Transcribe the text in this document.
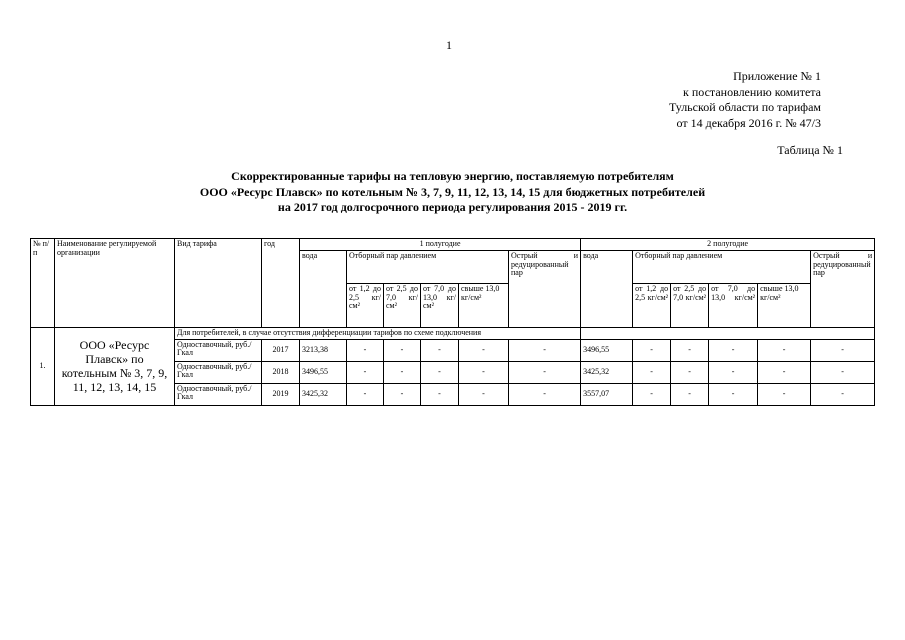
1
Приложение № 1
к постановлению комитета
Тульской области по тарифам
от 14 декабря 2016 г. № 47/3
Таблица № 1
Скорректированные тарифы на тепловую энергию, поставляемую потребителям
ООО «Ресурс Плавск» по котельным № 3, 7, 9, 11, 12, 13, 14, 15 для бюджетных потребителей
на 2017 год долгосрочного периода регулирования 2015 - 2019 гг.
№ п/п	Наименование регулируемой организации	Вид тарифа	год	1 полугодие						2 полугодие					
				вода	Отборный пар давлением				Острый и редуцированный пар	вода	Отборный пар давлением				Острый и редуцированный пар
					от 1,2 до 2,5 кг/см²	от 2,5 до 7,0 кг/см²	от 7,0 до 13,0 кг/см²	свыше 13,0 кг/см²			от 1,2 до 2,5 кг/см²	от 2,5 до 7,0 кг/см²	от 7,0 до 13,0 кг/см²	свыше 13,0 кг/см²	
1.	ООО «Ресурс Плавск» по котельным № 3, 7, 9, 11, 12, 13, 14, 15	Для потребителей, в случае отсутствия дифференциации тарифов по схеме подключения													
		Одноставочный, руб./Гкал	2017	3213,38	-	-	-	-	-	3496,55	-	-	-	-	-
		Одноставочный, руб./Гкал	2018	3496,55	-	-	-	-	-	3425,32	-	-	-	-	-
		Одноставочный, руб./Гкал	2019	3425,32	-	-	-	-	-	3557,07	-	-	-	-	-
